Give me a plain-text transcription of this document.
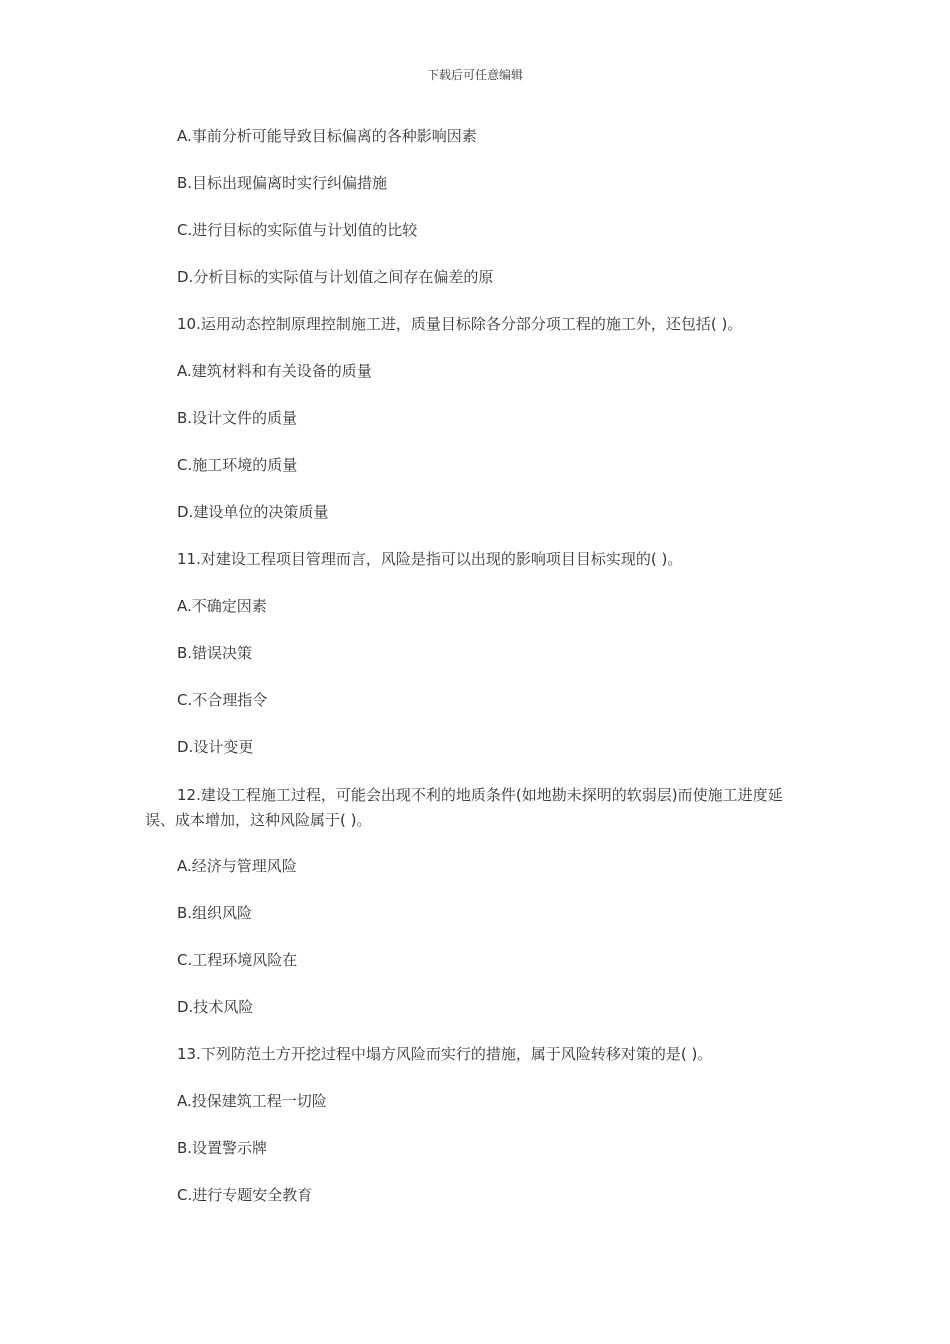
下载后可任意编辑
A.事前分析可能导致目标偏离的各种影响因素
B.目标出现偏离时实行纠偏措施
C.进行目标的实际值与计划值的比较
D.分析目标的实际值与计划值之间存在偏差的原
10.运用动态控制原理控制施工进，质量目标除各分部分项工程的施工外，还包括( )。
A.建筑材料和有关设备的质量
B.设计文件的质量
C.施工环境的质量
D.建设单位的决策质量
11.对建设工程项目管理而言，风险是指可以出现的影响项目目标实现的( )。
A.不确定因素
B.错误决策
C.不合理指令
D.设计变更
12.建设工程施工过程，可能会出现不利的地质条件(如地勘未探明的软弱层)而使施工进度延误、成本增加，这种风险属于( )。
A.经济与管理风险
B.组织风险
C.工程环境风险在
D.技术风险
13.下列防范土方开挖过程中塌方风险而实行的措施，属于风险转移对策的是( )。
A.投保建筑工程一切险
B.设置警示牌
C.进行专题安全教育
